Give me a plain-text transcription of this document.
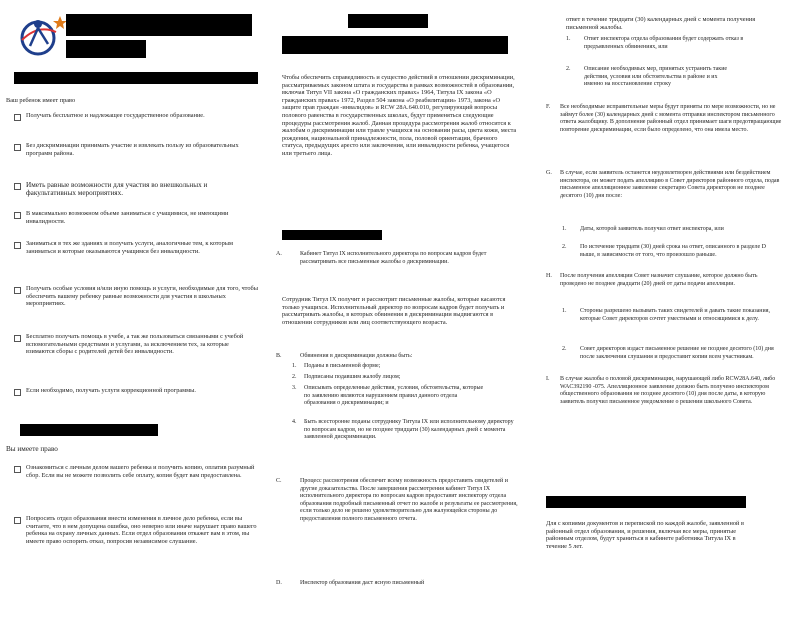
Ваш ребенок имеет право
Получать бесплатное и надлежащее государственное образование.
Без дискриминации принимать участие и извлекать пользу из образовательных программ района.
Иметь равные возможности для участия во внешкольных и факультативных мероприятиях.
В максимально возможном объеме заниматься с учащимися, не имеющими инвалидности.
Заниматься в тех же зданиях и получать услуги, аналогичные тем, к которым заниматься и которые оказываются учащимся без инвалидности.
Получать особые условия и/или иную помощь и услуги, необходимые для того, чтобы обеспечить вашему ребенку равные возможности для участия в школьных мероприятиях.
Бесплатно получать помощь в учебе, а так же пользоваться связанными с учебой вспомогательными средствами и услугами, за исключением тех, за которые взимаются сборы с родителей детей без инвалидности.
Если необходимо, получать услуги коррекционной программы.
Вы имеете право
Ознакомиться с личным делом вашего ребенка и получить копию, оплатив разумный сбор. Если вы не можете позволить себе оплату, копия будет вам предоставлена.
Попросить отдел образования внести изменения в личное дело ребенка, если вы считаете, что в нем допущена ошибка, оно неверно или иначе нарушает право вашего ребенка на охрану личных данных. Если отдел образования откажет вам в этом, вы имеете право оспорить отказ, попросив независимое слушание.
Чтобы обеспечить справедливость и существо действий в отношении дискриминации, рассматриваемых законом штата и государства в рамках возможностей в образовании, включая Титул VII закона «О гражданских правах» 1964, Титула IX закона «О гражданских правах» 1972, Раздел 504 закона «О реабилитации» 1973, закона «О защите прав граждан -инвалидов» и RCW 28A.640.010, регулирующий вопросы полового равенства в государственных школах, будут применяться следующие процедуры рассмотрения жалоб. Данная процедура рассмотрения жалоб относится к жалобам о дискриминации или травле учащихся на основании расы, цвета кожи, места рождения, национальной принадлежности, пола, половой ориентации, брачного статуса, предыдущих аресто или заключения, или инвалидности ребенка, учащегося или третьего лица.
A.	Кабинет Титул IX исполнительного директора по вопросам кадров будет рассматривать все письменные жалобы о дискриминации.
Сотрудник Титул IX получит и рассмотрит письменные жалобы, которые касаются только учащихся. Исполнительный директор по вопросам кадров будет получать и рассматривать жалобы, в которых обвинения в дискриминации выдвигаются в отношении сотрудников или лиц соответствующего возраста.
B.	Обвинения в дискриминации должны быть:
1. Поданы в письменной форме;
2. Подписаны подавшим жалобу лицом;
3. Описывать определенные действия, условия, обстоятельства, которые по заявлению являются нарушением правил данного отдела образования о дискриминации; и
4. Быть всесторонне поданы сотруднику Титула IX или исполнительному директору по вопросам кадров, но не позднее тридцати (30) календарных дней с момента заявленной дискриминации.
C.	Процесс рассмотрения обеспечит всему возможность предоставить свидетелей и другие доказательства. После завершения рассмотрения кабинет Титул IX исполнительного директора по вопросам кадров предоставит инспектору отдела образования подробный письменный отчет по жалобе и результаты ее рассмотрения, если только дело не решено удовлетворительно для жалующейся стороны до предоставления полного письменного отчета.
D.	Инспектор образования даст ясную письменный
ответ в течение тридцати (30) календарных дней с момента получения письменной жалобы.
1. Ответ инспектора отдела образования будет содержать отказ в предъявленных обвинениях, или
2. Описание необходимых мер, принятых устранить такие действия, условия или обстоятельства в районе и их именно на восстановление строку
F. Все необходимые исправительные меры будут приняты по мере возможности, но не займут более (30) календарных дней с момента отправки инспектором письменного ответа жалобщику. В дополнение районный отдел принимает шаги предотвращающие повторение дискриминации, если было определено, что она имела место.
G. В случае, если заявитель останется неудовлетворен действиями или бездействием инспектора, он может подать апелляцию в Совет директоров районного отдела, подав письменное апелляционное заявление секретарю Совета директоров не позднее десятого (10) дня после:
1. Даты, которой заявитель получил ответ инспектора, или
2. По истечение тридцати (30) дней срока на ответ, описанного в разделе D выше, в зависимости от того, что произошло раньше.
H. После получения апелляции Совет назначит слушание, которое должно быть проведено не позднее двадцати (20) дней от даты подачи апелляции.
1. Стороны разрешено вызывать таких свидетелей и давать такие показания, которые Совет директоров сочтет уместными и относящимися к делу.
2. Совет директоров издаст письменное решение не позднее десятого (10) дня после заключения слушания и предоставит копии всем участникам.
I. В случае жалобы о половой дискриминации, нарушающей либо RCW28A.640, либо WAC392190 -075. Апелляционное заявление должно быть получено инспектором общественного образования не позднее десятого (10) дня после даты, в которую заявитель получил письменное уведомление о решении школьного Совета.
Для с копиями документов и перепиской по каждой жалобе, заявленной в районный отдел образования, и решения, включая все меры, принятые районным отделом, будут храниться в кабинете работника Титула IX в течение 5 лет.
